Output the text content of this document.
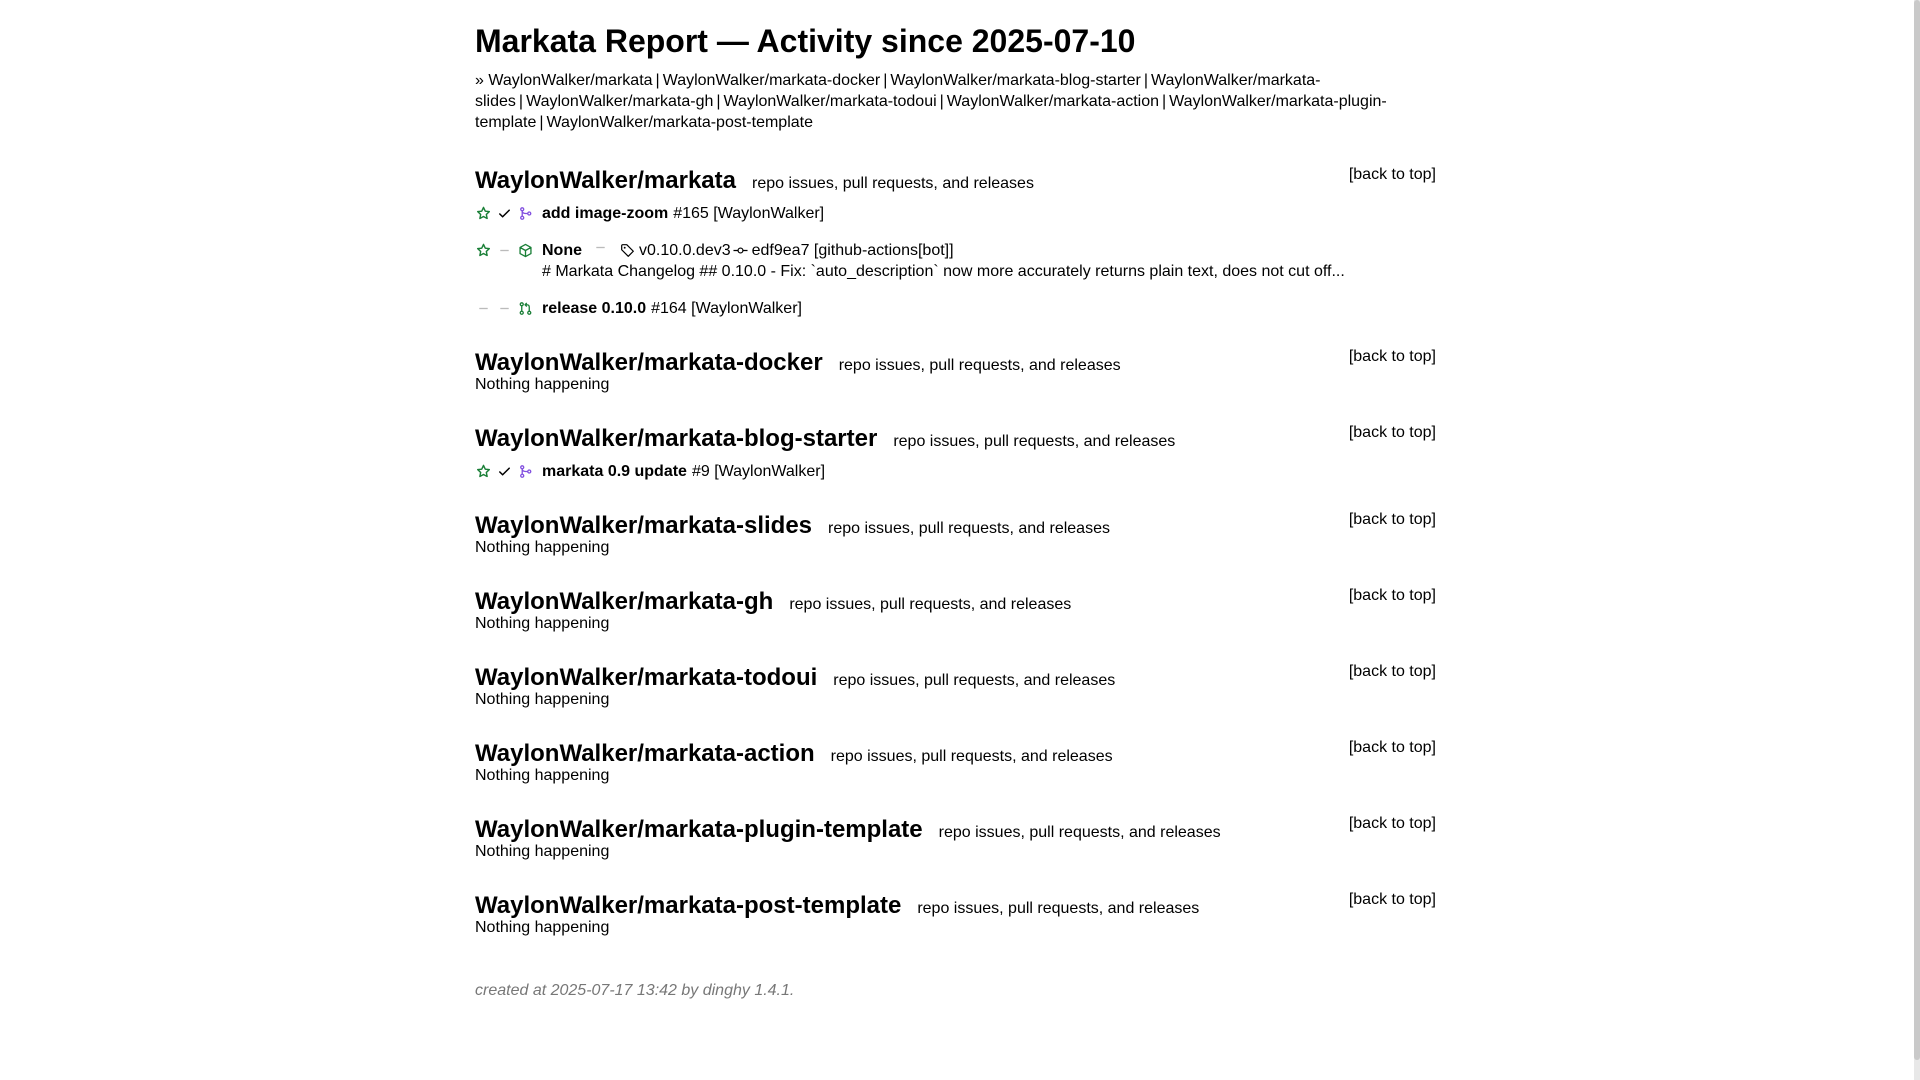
Markata Report — Activity since 2025-07-10
» WaylonWalker/markata | WaylonWalker/markata-docker | WaylonWalker/markata-blog-starter | WaylonWalker/markata-slides | WaylonWalker/markata-gh | WaylonWalker/markata-todoui | WaylonWalker/markata-action | WaylonWalker/markata-plugin-template | WaylonWalker/markata-post-template
WaylonWalker/markata repo issues, pull requests, and releases
[back to top]
add image-zoom #165 [WaylonWalker]
None	v0.10.0.dev3 edf9ea7 [github-actions[bot]]
# Markata Changelog ## 0.10.0 - Fix: `auto_description` now more accurately returns plain text, does not cut off...
release 0.10.0 #164 [WaylonWalker]
WaylonWalker/markata-docker repo issues, pull requests, and releases
[back to top]
Nothing happening
WaylonWalker/markata-blog-starter repo issues, pull requests, and releases
[back to top]
markata 0.9 update #9 [WaylonWalker]
WaylonWalker/markata-slides repo issues, pull requests, and releases
[back to top]
Nothing happening
WaylonWalker/markata-gh repo issues, pull requests, and releases
[back to top]
Nothing happening
WaylonWalker/markata-todoui repo issues, pull requests, and releases
[back to top]
Nothing happening
WaylonWalker/markata-action repo issues, pull requests, and releases
[back to top]
Nothing happening
WaylonWalker/markata-plugin-template repo issues, pull requests, and releases
[back to top]
Nothing happening
WaylonWalker/markata-post-template repo issues, pull requests, and releases
[back to top]
Nothing happening
created at 2025-07-17 13:42 by dinghy 1.4.1.
